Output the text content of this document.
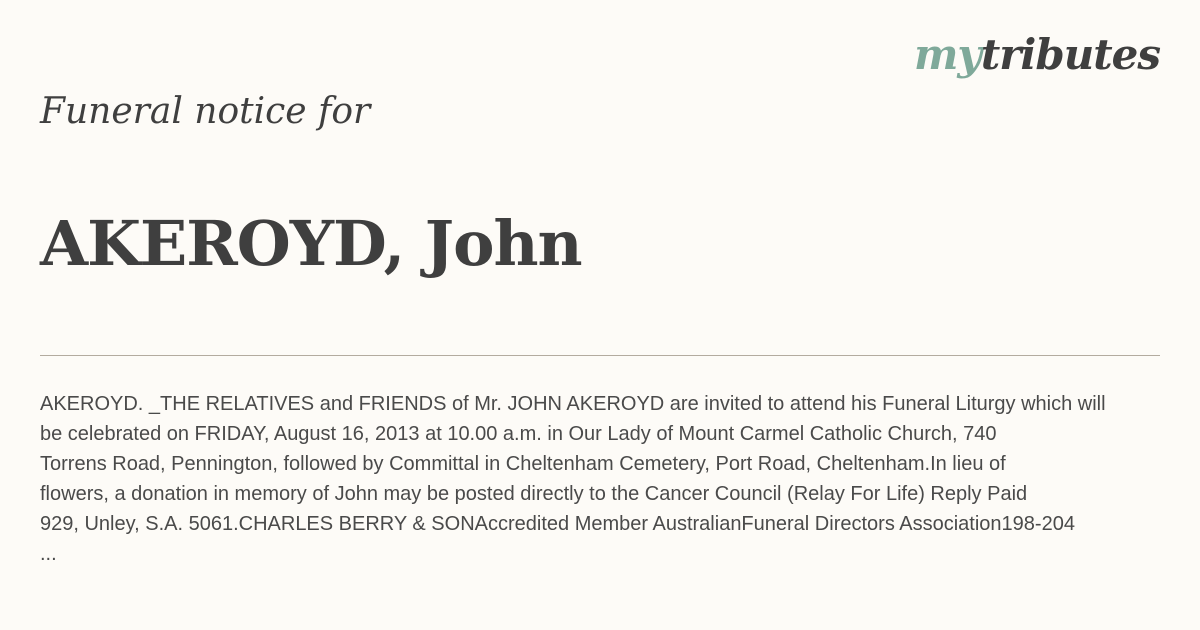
mytributes
Funeral notice for
AKEROYD, John
AKEROYD. _THE RELATIVES and FRIENDS of Mr. JOHN AKEROYD are invited to attend his Funeral Liturgy which will
be celebrated on FRIDAY, August 16, 2013 at 10.00 a.m. in Our Lady of Mount Carmel Catholic Church, 740
Torrens Road, Pennington, followed by Committal in Cheltenham Cemetery, Port Road, Cheltenham.In lieu of
flowers, a donation in memory of John may be posted directly to the Cancer Council (Relay For Life) Reply Paid
929, Unley, S.A. 5061.CHARLES BERRY & SONAccredited Member AustralianFuneral Directors Association198-204
...
